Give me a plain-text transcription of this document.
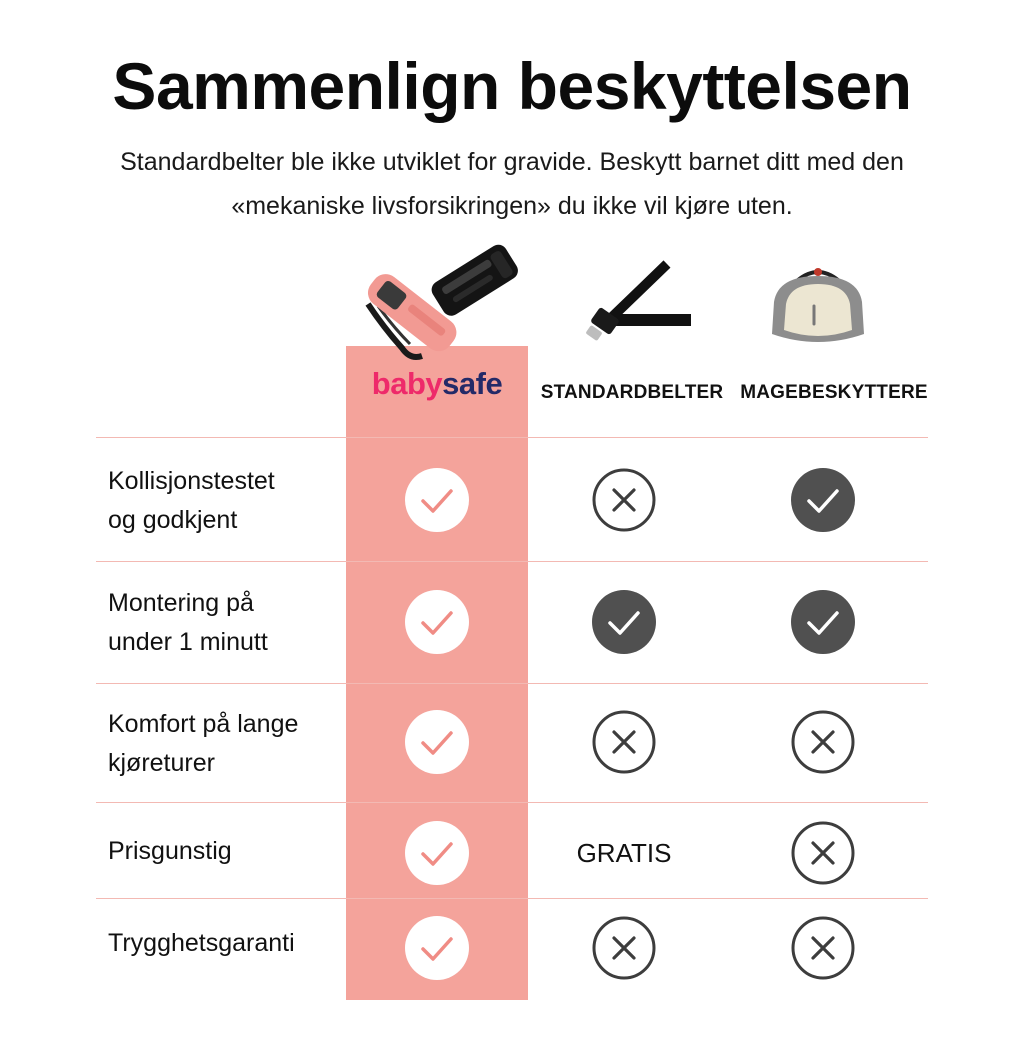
Sammenlign beskyttelsen
Standardbelter ble ikke utviklet for gravide. Beskytt barnet ditt med den «mekaniske livsforsikringen» du ikke vil kjøre uten.
babysafe	STANDARDBELTER MAGEBESKYTTERE
Kollisjonstestet
og godkjent
Montering på
under 1 minutt
Komfort på lange
kjøreturer
Prisgunstig
Trygghetsgaranti
GRATIS
